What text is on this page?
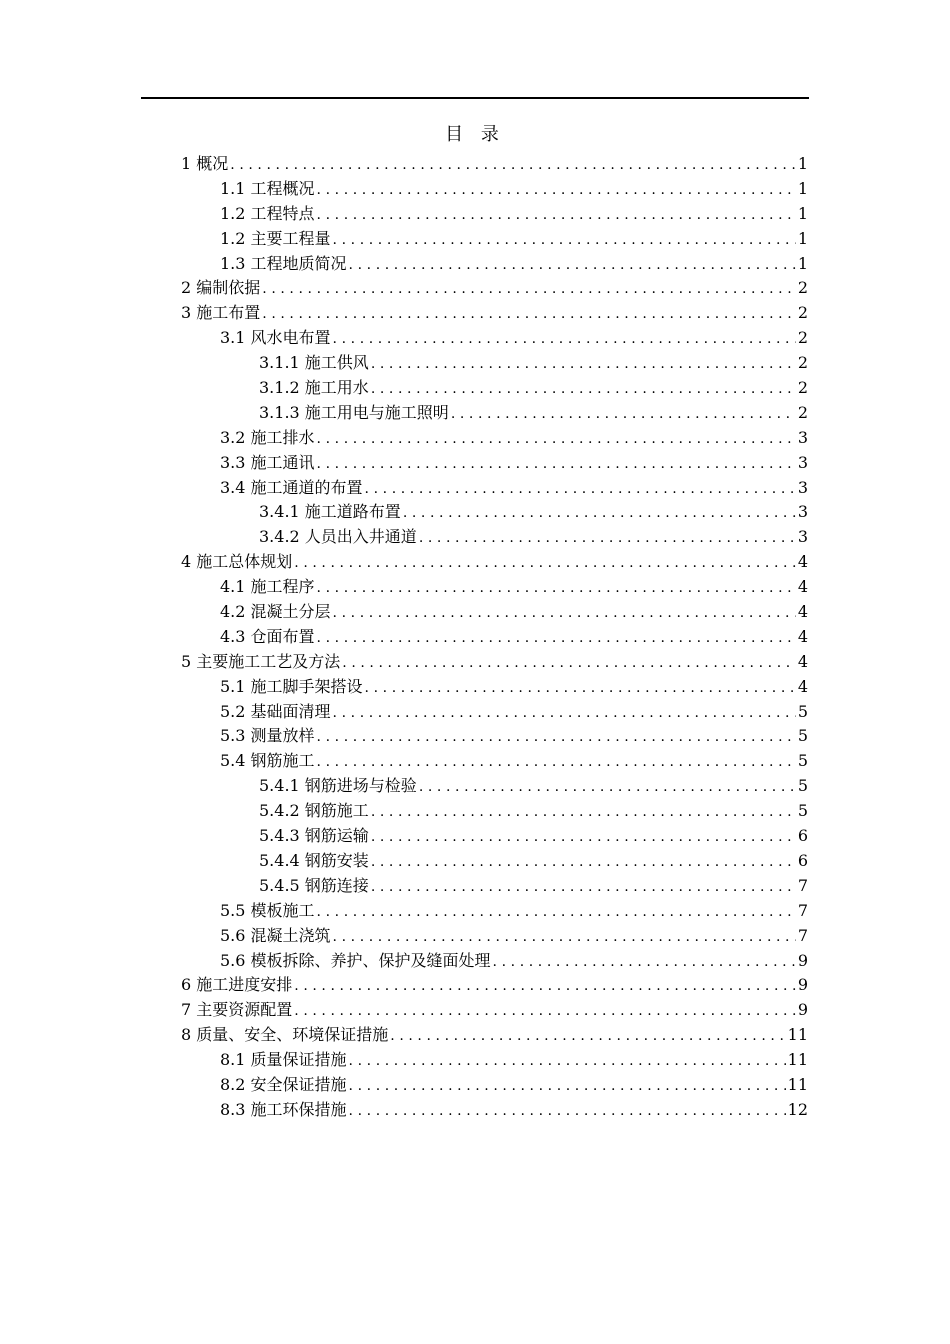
目 录
1 概况 .....	1
1.1 工程概况 .....	1
1.2 工程特点 .....	1
1.2 主要工程量 .....	1
1.3 工程地质简况 .....	1
2 编制依据 .....	2
3 施工布置 .....	2
3.1 风水电布置 .....	2
3.1.1 施工供风 .....	2
3.1.2 施工用水 .....	2
3.1.3 施工用电与施工照明 .....	2
3.2 施工排水 .....	3
3.3 施工通讯 .....	3
3.4 施工通道的布置 .....	3
3.4.1 施工道路布置 .....	3
3.4.2 人员出入井通道 .....	3
4 施工总体规划 .....	4
4.1 施工程序 .....	4
4.2 混凝土分层 .....	4
4.3 仓面布置 .....	4
5 主要施工工艺及方法 .....	4
5.1 施工脚手架搭设 .....	4
5.2 基础面清理 .....	5
5.3 测量放样 .....	5
5.4 钢筋施工 .....	5
5.4.1 钢筋进场与检验 .....	5
5.4.2 钢筋施工 .....	5
5.4.3 钢筋运输 .....	6
5.4.4 钢筋安装 .....	6
5.4.5 钢筋连接 .....	7
5.5 模板施工 .....	7
5.6 混凝土浇筑 .....	7
5.6 模板拆除、养护、保护及缝面处理 .....	9
6 施工进度安排 .....	9
7 主要资源配置 .....	9
8 质量、安全、环境保证措施 .....	11
8.1 质量保证措施 .....	11
8.2 安全保证措施 .....	11
8.3 施工环保措施 .....	12
